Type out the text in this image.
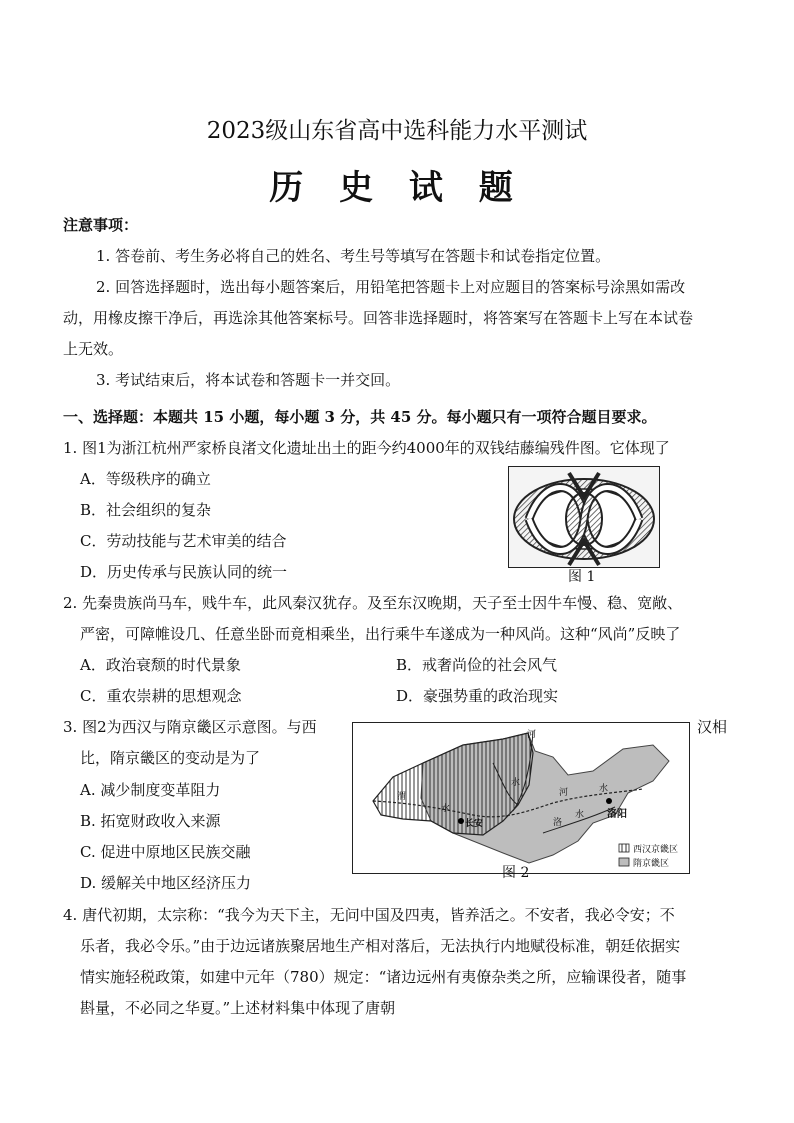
2023级山东省高中选科能力水平测试
历 史 试 题
注意事项：
1. 答卷前、考生务必将自己的姓名、考生号等填写在答题卡和试卷指定位置。
2. 回答选择题时，选出每小题答案后，用铅笔把答题卡上对应题目的答案标号涂黑如需改
动，用橡皮擦干净后，再选涂其他答案标号。回答非选择题时，将答案写在答题卡上写在本试卷
上无效。
3. 考试结束后，将本试卷和答题卡一并交回。
一、选择题：本题共 15 小题，每小题 3 分，共 45 分。每小题只有一项符合题目要求。
1. 图1为浙江杭州严家桥良渚文化遗址出土的距今约4000年的双钱结藤编残件图。它体现了
A．等级秩序的确立
B．社会组织的复杂
C．劳动技能与艺术审美的结合
D．历史传承与民族认同的统一	图 1
2. 先秦贵族尚马车，贱牛车，此风秦汉犹存。及至东汉晚期，天子至士因牛车慢、稳、宽敞、
严密，可障帷设几、任意坐卧而竟相乘坐，出行乘牛车遂成为一种风尚。这种“风尚”反映了
A．政治衰颓的时代景象	B．戒奢尚俭的社会风气
C．重农崇耕的思想观念	D．豪强势重的政治现实
3. 图2为西汉与隋京畿区示意图。与西	汉相
比，隋京畿区的变动是为了
A. 减少制度变革阻力
B. 拓宽财政收入来源
C. 促进中原地区民族交融
D. 缓解关中地区经济压力
长安
洛阳
河
水
渭
水
河	水
洛
水
西汉京畿区
隋京畿区
图 2
4. 唐代初期，太宗称：“我今为天下主，无问中国及四夷，皆养活之。不安者，我必令安；不
乐者，我必令乐。”由于边远诸族聚居地生产相对落后，无法执行内地赋役标准，朝廷依据实
情实施轻税政策，如建中元年（780）规定：“诸边远州有夷僚杂类之所，应输课役者，随事
斟量，不必同之华夏。”上述材料集中体现了唐朝
